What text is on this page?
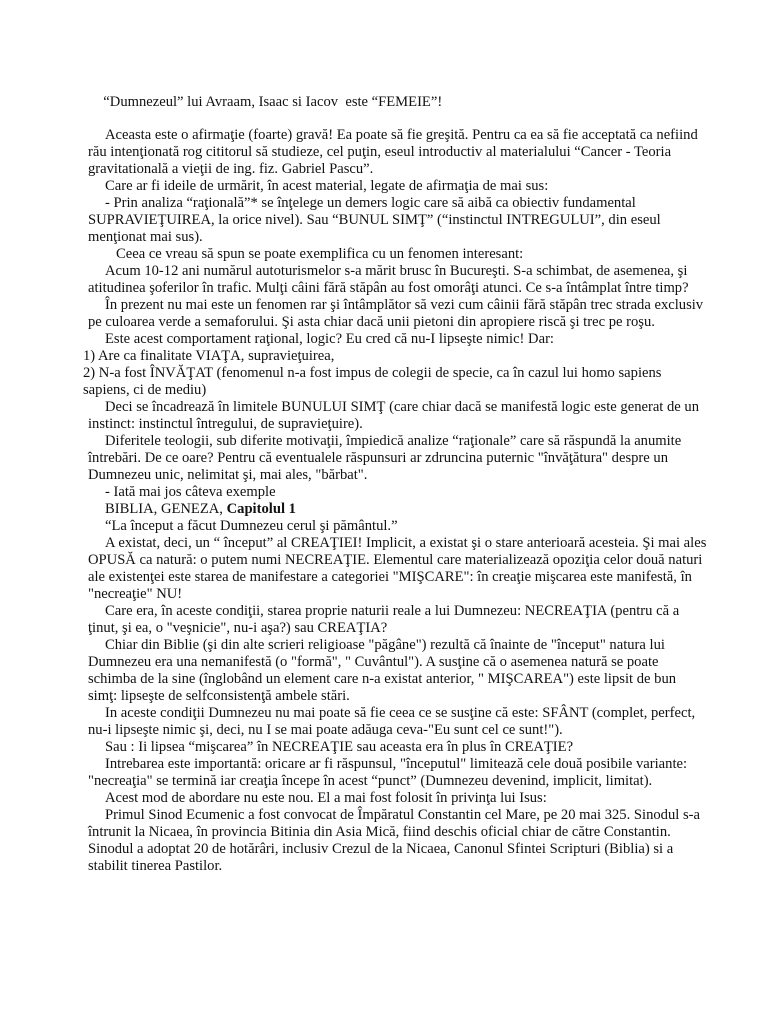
“Dumnezeul” lui Avraam, Isaac si Iacov  este “FEMEIE”!

Aceasta este o afirmaţie (foarte) gravă! Ea poate să fie greşită. Pentru ca ea să fie acceptată ca nefiind rău intenţionată rog cititorul să studieze, cel puţin, eseul introductiv al materialului “Cancer - Teoria gravitatională a vieţii de ing. fiz. Gabriel Pascu”.

Care ar fi ideile de urmărit, în acest material, legate de afirmaţia de mai sus:

- Prin analiza “raţională”* se înţelege un demers logic care să aibă ca obiectiv fundamental SUPRAVIEŢUIREA, la orice nivel). Sau “BUNUL SIMŢ” (“instinctul INTREGULUI”, din eseul menţionat mai sus).

Ceea ce vreau să spun se poate exemplifica cu un fenomen interesant:

Acum 10-12 ani numărul autoturismelor s-a mărit brusc în Bucureşti. S-a schimbat, de asemenea, şi atitudinea şoferilor în trafic. Mulţi câini fără stăpân au fost omorâţi atunci. Ce s-a întâmplat între timp?

În prezent nu mai este un fenomen rar şi întâmplător să vezi cum câinii fără stăpân trec strada exclusiv pe culoarea verde a semaforului. Şi asta chiar dacă unii pietoni din apropiere riscă şi trec pe roşu.

Este acest comportament raţional, logic? Eu cred că nu-I lipseşte nimic! Dar:

1) Are ca finalitate VIAŢA, supravieţuirea,

2) N-a fost ÎNVĂŢAT (fenomenul n-a fost impus de colegii de specie, ca în cazul lui homo sapiens sapiens, ci de mediu)

Deci se încadrează în limitele BUNULUI SIMŢ (care chiar dacă se manifestă logic este generat de un instinct: instinctul întregului, de supravieţuire).

Diferitele teologii, sub diferite motivaţii, împiedică analize “raţionale” care să răspundă la anumite întrebări. De ce oare? Pentru că eventualele răspunsuri ar zdruncina puternic "învăţătura" despre un Dumnezeu unic, nelimitat şi, mai ales, "bărbat".

- Iată mai jos câteva exemple

BIBLIA, GENEZA, Capitolul 1

“La început a făcut Dumnezeu cerul şi pământul.”

A existat, deci, un “ început” al CREAŢIEI! Implicit, a existat şi o stare anterioară acesteia. Şi mai ales OPUSĂ ca natură: o putem numi NECREAŢIE. Elementul care materializează opoziţia celor două naturi ale existenţei este starea de manifestare a categoriei "MIŞCARE": în creaţie mişcarea este manifestă, în "necreaţie" NU!

Care era, în aceste condiţii, starea proprie naturii reale a lui Dumnezeu: NECREAŢIA (pentru că a ţinut, şi ea, o "veşnicie", nu-i aşa?) sau CREAŢIA?

Chiar din Biblie (şi din alte scrieri religioase "păgâne") rezultă că înainte de "început" natura lui Dumnezeu era una nemanifestă (o "formă", " Cuvântul"). A susţine că o asemenea natură se poate schimba de la sine (înglobând un element care n-a existat anterior, " MIŞCAREA") este lipsit de bun simţ: lipseşte de selfconsistenţă ambele stări.

In aceste condiţii Dumnezeu nu mai poate să fie ceea ce se susţine că este: SFÂNT (complet, perfect, nu-i lipseşte nimic şi, deci, nu I se mai poate adăuga ceva-"Eu sunt cel ce sunt!").

Sau : Ii lipsea “mişcarea” în NECREAŢIE sau aceasta era în plus în CREAŢIE?

Intrebarea este importantă: oricare ar fi răspunsul, "începutul" limitează cele două posibile variante: "necreaţia" se termină iar creaţia începe în acest “punct” (Dumnezeu devenind, implicit, limitat).

Acest mod de abordare nu este nou. El a mai fost folosit în privinţa lui Isus:

Primul Sinod Ecumenic a fost convocat de Împăratul Constantin cel Mare, pe 20 mai 325. Sinodul s-a întrunit la Nicaea, în provincia Bitinia din Asia Mică, fiind deschis oficial chiar de către Constantin. Sinodul a adoptat 20 de hotărâri, inclusiv Crezul de la Nicaea, Canonul Sfintei Scripturi (Biblia) si a stabilit tinerea Pastilor.
